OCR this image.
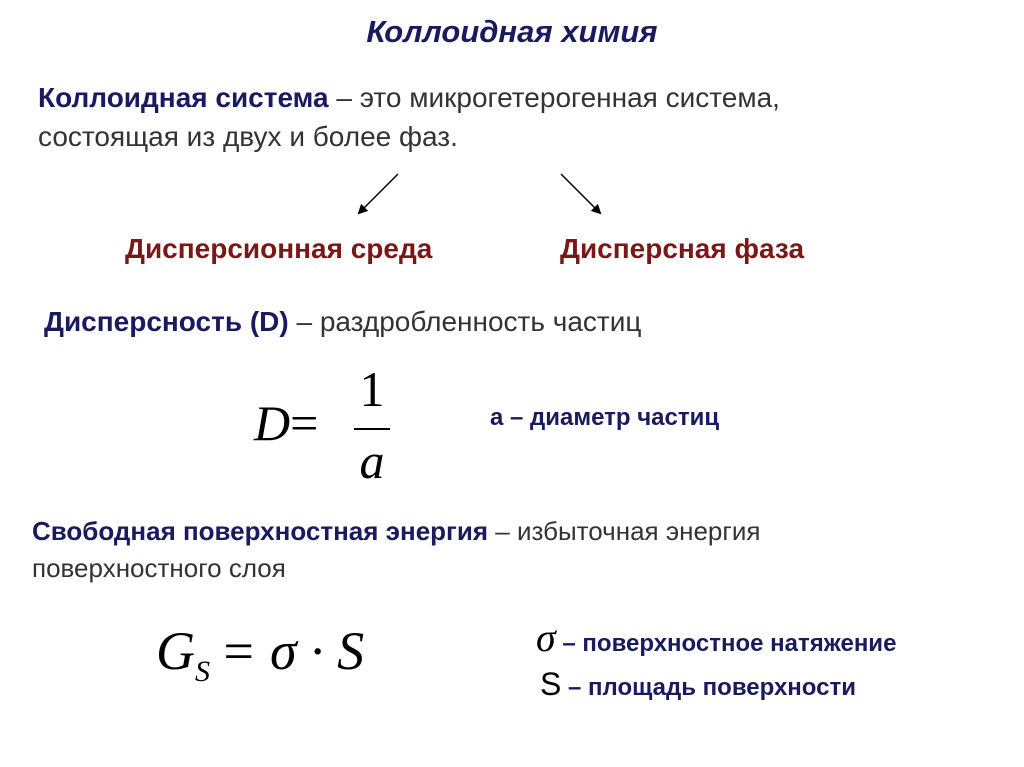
Коллоидная химия
Коллоидная система – это микрогетерогенная система,
состоящая из двух и более фаз.
Дисперсионная среда	Дисперсная фаза
Дисперсность (D) – раздробленность частиц
D=
1
a
а – диаметр частиц
Свободная поверхностная энергия – избыточная энергия
поверхностного слоя
$G_S = \sigma \cdot S$	σ – поверхностное натяжение
S – площадь поверхности
